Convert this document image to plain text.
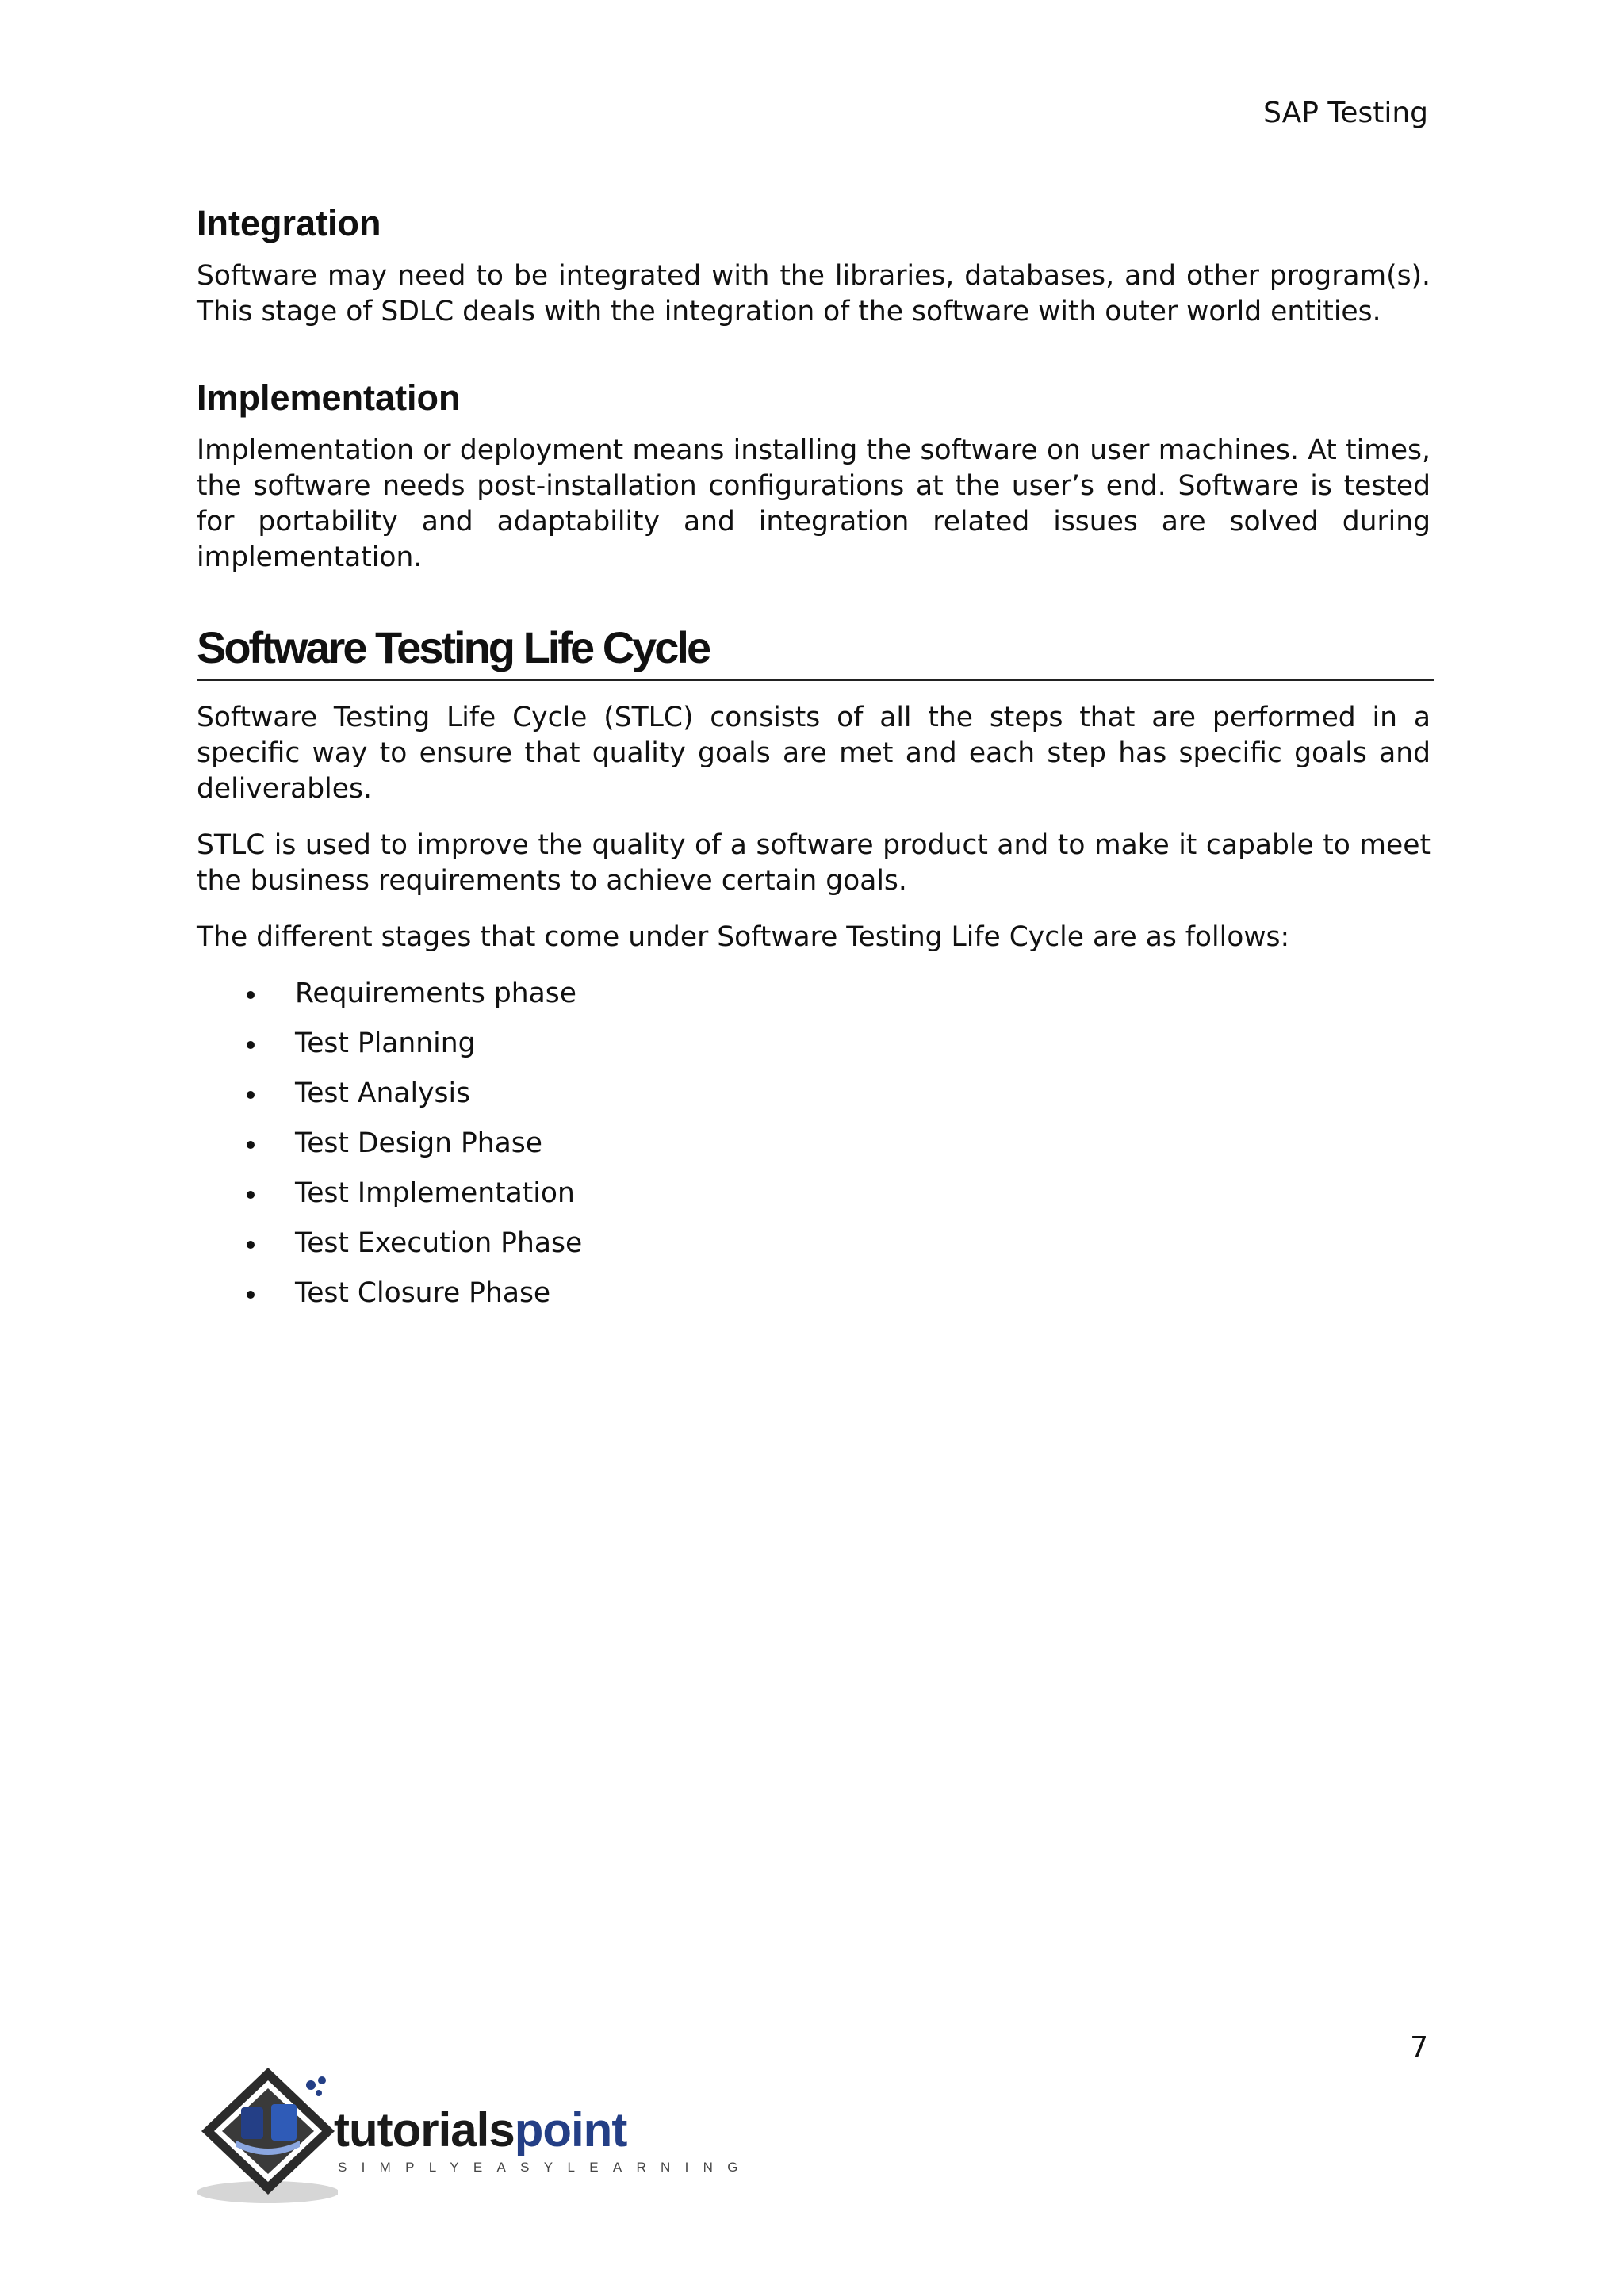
SAP Testing
Integration

Software may need to be integrated with the libraries, databases, and other program(s). This stage of SDLC deals with the integration of the software with outer world entities.

Implementation

Implementation or deployment means installing the software on user machines. At times, the software needs post-installation configurations at the user’s end. Software is tested for portability and adaptability and integration related issues are solved during implementation.

Software Testing Life Cycle

Software Testing Life Cycle (STLC) consists of all the steps that are performed in a specific way to ensure that quality goals are met and each step has specific goals and deliverables.

STLC is used to improve the quality of a software product and to make it capable to meet the business requirements to achieve certain goals.

The different stages that come under Software Testing Life Cycle are as follows:

Requirements phase
Test Planning
Test Analysis
Test Design Phase
Test Implementation
Test Execution Phase
Test Closure Phase
7
tutorialspoint
SIMPLYEASYLEARNING
